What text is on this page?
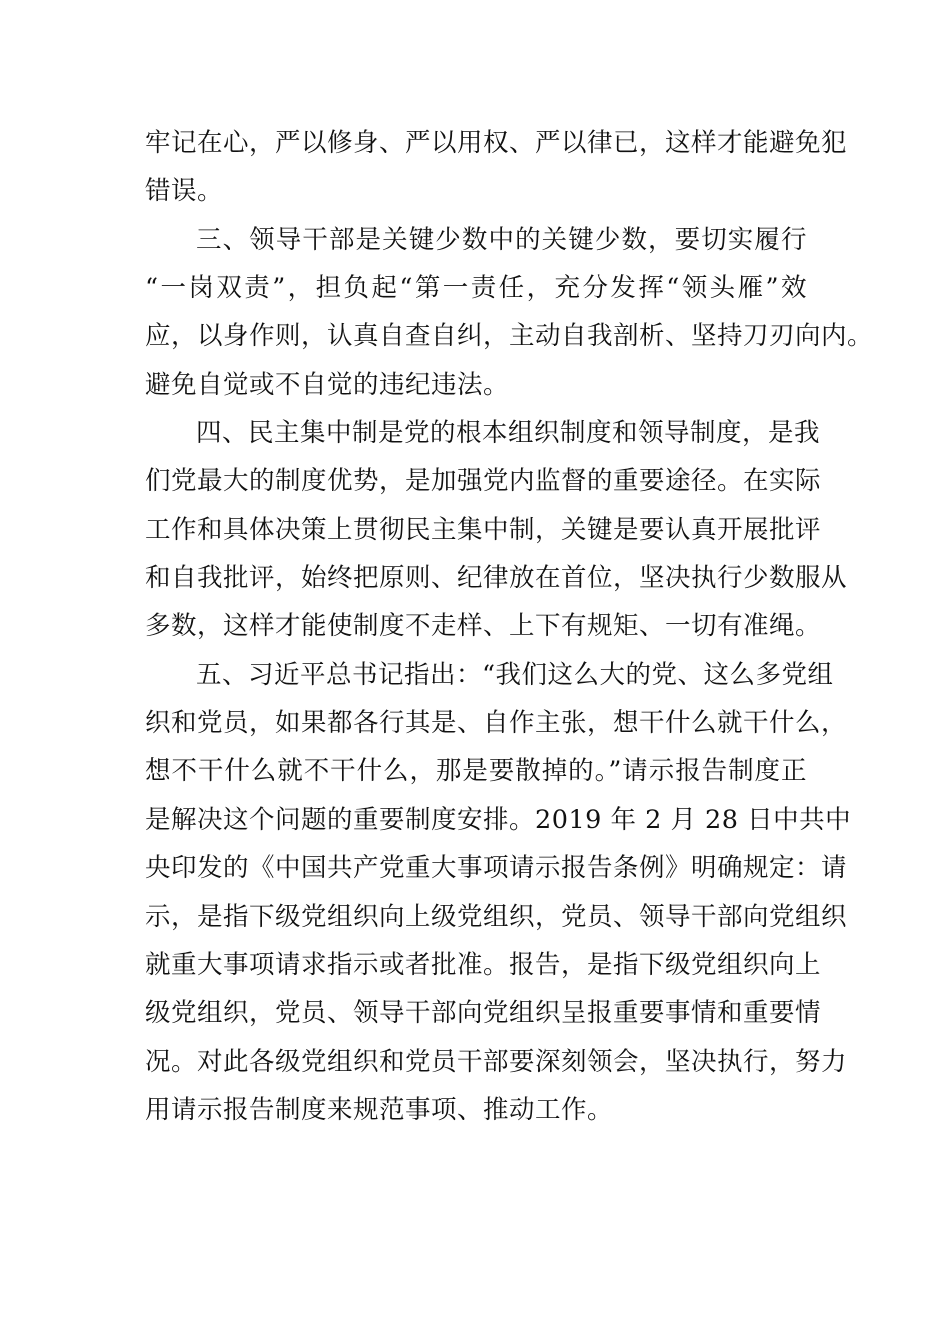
牢记在心，严以修身、严以用权、严以律已，这样才能避免犯
错误。
三、领导干部是关键少数中的关键少数，要切实履行
“一岗双责”，担负起“第一责任，充分发挥“领头雁”效
应，以身作则，认真自查自纠，主动自我剖析、坚持刀刃向内。
避免自觉或不自觉的违纪违法。
四、民主集中制是党的根本组织制度和领导制度，是我
们党最大的制度优势，是加强党内监督的重要途径。在实际
工作和具体决策上贯彻民主集中制，关键是要认真开展批评
和自我批评，始终把原则、纪律放在首位，坚决执行少数服从
多数，这样才能使制度不走样、上下有规矩、一切有准绳。
五、习近平总书记指出：“我们这么大的党、这么多党组
织和党员，如果都各行其是、自作主张，想干什么就干什么，
想不干什么就不干什么，那是要散掉的。”请示报告制度正
是解决这个问题的重要制度安排。2019 年 2 月 28 日中共中
央印发的《中国共产党重大事项请示报告条例》明确规定：请
示，是指下级党组织向上级党组织，党员、领导干部向党组织
就重大事项请求指示或者批准。报告，是指下级党组织向上
级党组织，党员、领导干部向党组织呈报重要事情和重要情
况。对此各级党组织和党员干部要深刻领会，坚决执行，努力
用请示报告制度来规范事项、推动工作。
